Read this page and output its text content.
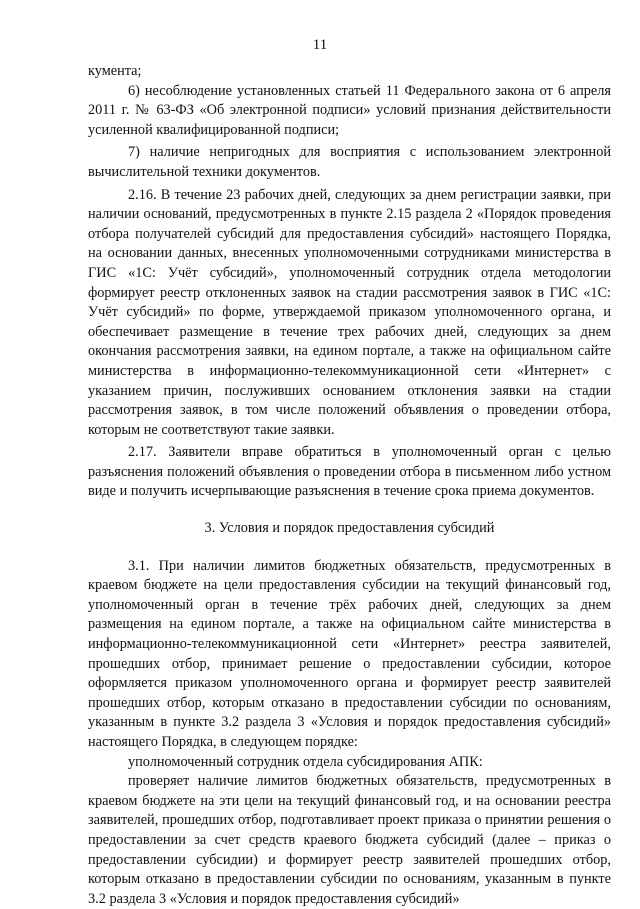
11

кумента;

6) несоблюдение установленных статьей 11 Федерального закона от 6 апреля 2011 г. № 63-ФЗ «Об электронной подписи» условий признания действительности усиленной квалифицированной подписи;

7) наличие непригодных для восприятия с использованием электронной вычислительной техники документов.

2.16. В течение 23 рабочих дней, следующих за днем регистрации заявки, при наличии оснований, предусмотренных в пункте 2.15 раздела 2 «Порядок проведения отбора получателей субсидий для предоставления субсидий» настоящего Порядка, на основании данных, внесенных уполномоченными сотрудниками министерства в ГИС «1С: Учёт субсидий», уполномоченный сотрудник отдела методологии формирует реестр отклоненных заявок на стадии рассмотрения заявок в ГИС «1С: Учёт субсидий» по форме, утверждаемой приказом уполномоченного органа, и обеспечивает размещение в течение трех рабочих дней, следующих за днем окончания рассмотрения заявки, на едином портале, а также на официальном сайте министерства в информационно-телекоммуникационной сети «Интернет» с указанием причин, послуживших основанием отклонения заявки на стадии рассмотрения заявок, в том числе положений объявления о проведении отбора, которым не соответствуют такие заявки.

2.17. Заявители вправе обратиться в уполномоченный орган с целью разъяснения положений объявления о проведении отбора в письменном либо устном виде и получить исчерпывающие разъяснения в течение срока приема документов.

3. Условия и порядок предоставления субсидий

3.1. При наличии лимитов бюджетных обязательств, предусмотренных в краевом бюджете на цели предоставления субсидии на текущий финансовый год, уполномоченный орган в течение трёх рабочих дней, следующих за днем размещения на едином портале, а также на официальном сайте министерства в информационно-телекоммуникационной сети «Интернет» реестра заявителей, прошедших отбор, принимает решение о предоставлении субсидии, которое оформляется приказом уполномоченного органа и формирует реестр заявителей прошедших отбор, которым отказано в предоставлении субсидии по основаниям, указанным в пункте 3.2 раздела 3 «Условия и порядок предоставления субсидий» настоящего Порядка, в следующем порядке:

уполномоченный сотрудник отдела субсидирования АПК:

проверяет наличие лимитов бюджетных обязательств, предусмотренных в краевом бюджете на эти цели на текущий финансовый год, и на основании реестра заявителей, прошедших отбор, подготавливает проект приказа о принятии решения о предоставлении за счет средств краевого бюджета субсидий (далее – приказ о предоставлении субсидии) и формирует реестр заявителей прошедших отбор, которым отказано в предоставлении субсидии по основаниям, указанным в пункте 3.2 раздела 3 «Условия и порядок предоставления субсидий»
